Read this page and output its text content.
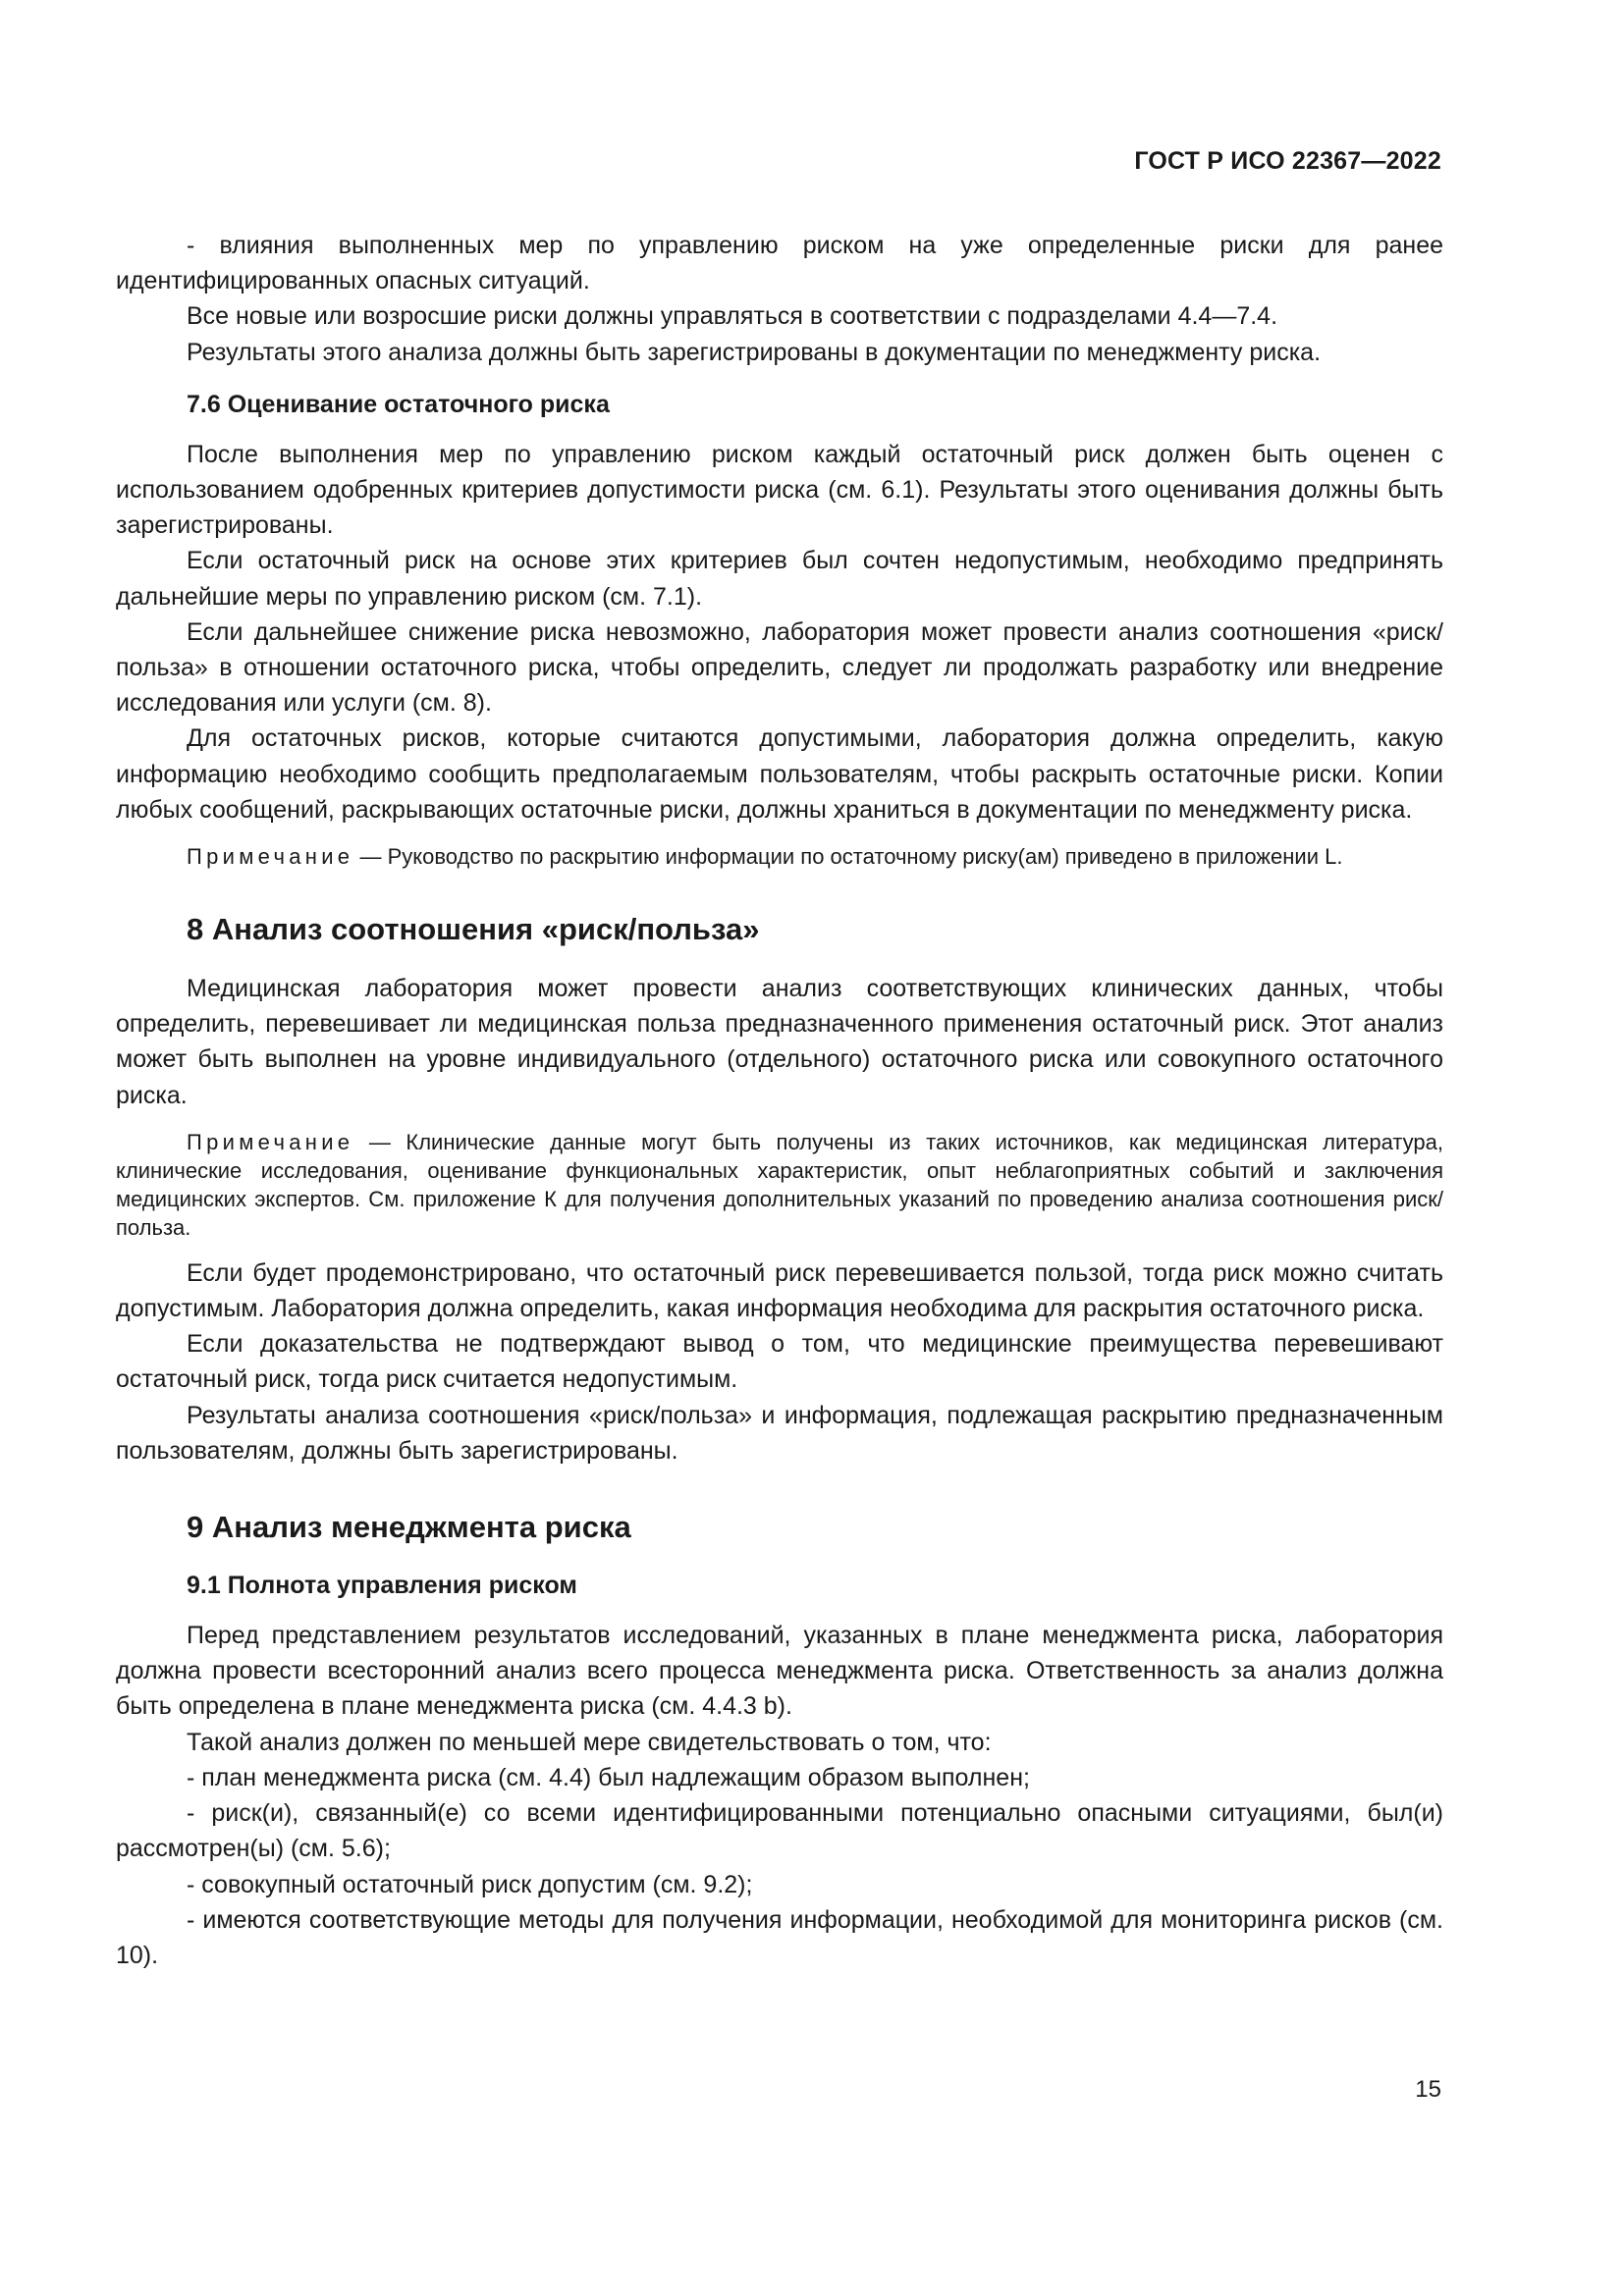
ГОСТ Р ИСО 22367—2022

- влияния выполненных мер по управлению риском на уже определенные риски для ранее идентифицированных опасных ситуаций.

Все новые или возросшие риски должны управляться в соответствии с подразделами 4.4—7.4.

Результаты этого анализа должны быть зарегистрированы в документации по менеджменту риска.

7.6 Оценивание остаточного риска

После выполнения мер по управлению риском каждый остаточный риск должен быть оценен с использованием одобренных критериев допустимости риска (см. 6.1). Результаты этого оценивания должны быть зарегистрированы.

Если остаточный риск на основе этих критериев был сочтен недопустимым, необходимо предпринять дальнейшие меры по управлению риском (см. 7.1).

Если дальнейшее снижение риска невозможно, лаборатория может провести анализ соотношения «риск/польза» в отношении остаточного риска, чтобы определить, следует ли продолжать разработку или внедрение исследования или услуги (см. 8).

Для остаточных рисков, которые считаются допустимыми, лаборатория должна определить, какую информацию необходимо сообщить предполагаемым пользователям, чтобы раскрыть остаточные риски. Копии любых сообщений, раскрывающих остаточные риски, должны храниться в документации по менеджменту риска.

Примечание — Руководство по раскрытию информации по остаточному риску(ам) приведено в приложении L.

8 Анализ соотношения «риск/польза»

Медицинская лаборатория может провести анализ соответствующих клинических данных, чтобы определить, перевешивает ли медицинская польза предназначенного применения остаточный риск. Этот анализ может быть выполнен на уровне индивидуального (отдельного) остаточного риска или совокупного остаточного риска.

Примечание — Клинические данные могут быть получены из таких источников, как медицинская литература, клинические исследования, оценивание функциональных характеристик, опыт неблагоприятных событий и заключения медицинских экспертов. См. приложение К для получения дополнительных указаний по проведению анализа соотношения риск/польза.

Если будет продемонстрировано, что остаточный риск перевешивается пользой, тогда риск можно считать допустимым. Лаборатория должна определить, какая информация необходима для раскрытия остаточного риска.

Если доказательства не подтверждают вывод о том, что медицинские преимущества перевешивают остаточный риск, тогда риск считается недопустимым.

Результаты анализа соотношения «риск/польза» и информация, подлежащая раскрытию предназначенным пользователям, должны быть зарегистрированы.

9 Анализ менеджмента риска
9.1 Полнота управления риском

Перед представлением результатов исследований, указанных в плане менеджмента риска, лаборатория должна провести всесторонний анализ всего процесса менеджмента риска. Ответственность за анализ должна быть определена в плане менеджмента риска (см. 4.4.3 b).

Такой анализ должен по меньшей мере свидетельствовать о том, что:

- план менеджмента риска (см. 4.4) был надлежащим образом выполнен;

- риск(и), связанный(е) со всеми идентифицированными потенциально опасными ситуациями, был(и) рассмотрен(ы) (см. 5.6);

- совокупный остаточный риск допустим (см. 9.2);

- имеются соответствующие методы для получения информации, необходимой для мониторинга рисков (см. 10).

15
